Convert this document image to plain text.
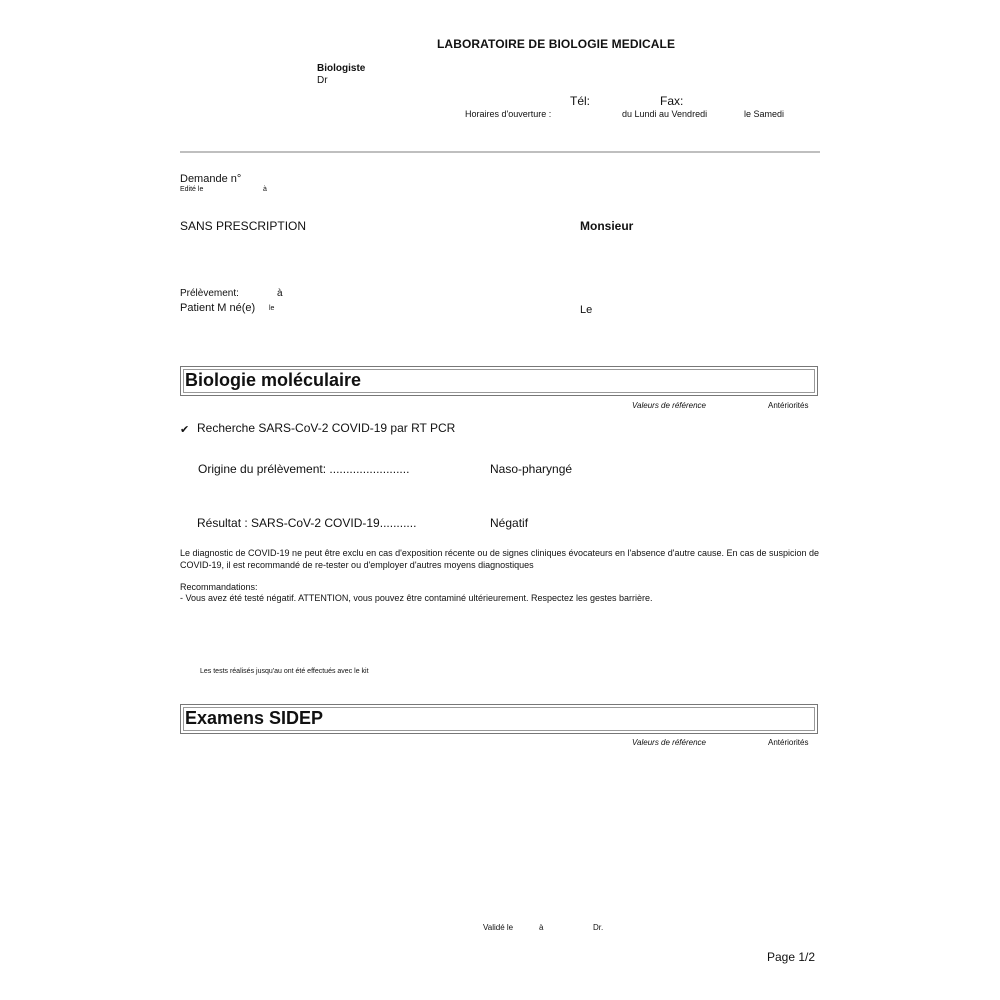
LABORATOIRE DE BIOLOGIE MEDICALE
Biologiste
Dr
Tél:	Fax:
Horaires d'ouverture :	du Lundi au Vendredi	le Samedi
Demande n°
Edité le	à
SANS PRESCRIPTION	Monsieur
Prélèvement:	à
Patient M né(e) le	Le
Biologie moléculaire
Valeurs de référence	Antériorités
✔ Recherche SARS-CoV-2 COVID-19 par RT PCR
Origine du prélèvement: ........................	Naso-pharyngé
Résultat : SARS-CoV-2 COVID-19...........	Négatif
Le diagnostic de COVID-19 ne peut être exclu en cas d'exposition récente ou de signes cliniques évocateurs en l'absence d'autre cause. En cas de suspicion de COVID-19, il est recommandé de re-tester ou d'employer d'autres moyens diagnostiques
Recommandations:
- Vous avez été testé négatif. ATTENTION, vous pouvez être contaminé ultérieurement. Respectez les gestes barrière.
Les tests réalisés jusqu'au ont été effectués avec le kit
Examens SIDEP
Valeurs de référence	Antériorités
Validé le	à	Dr.
Page 1/2
